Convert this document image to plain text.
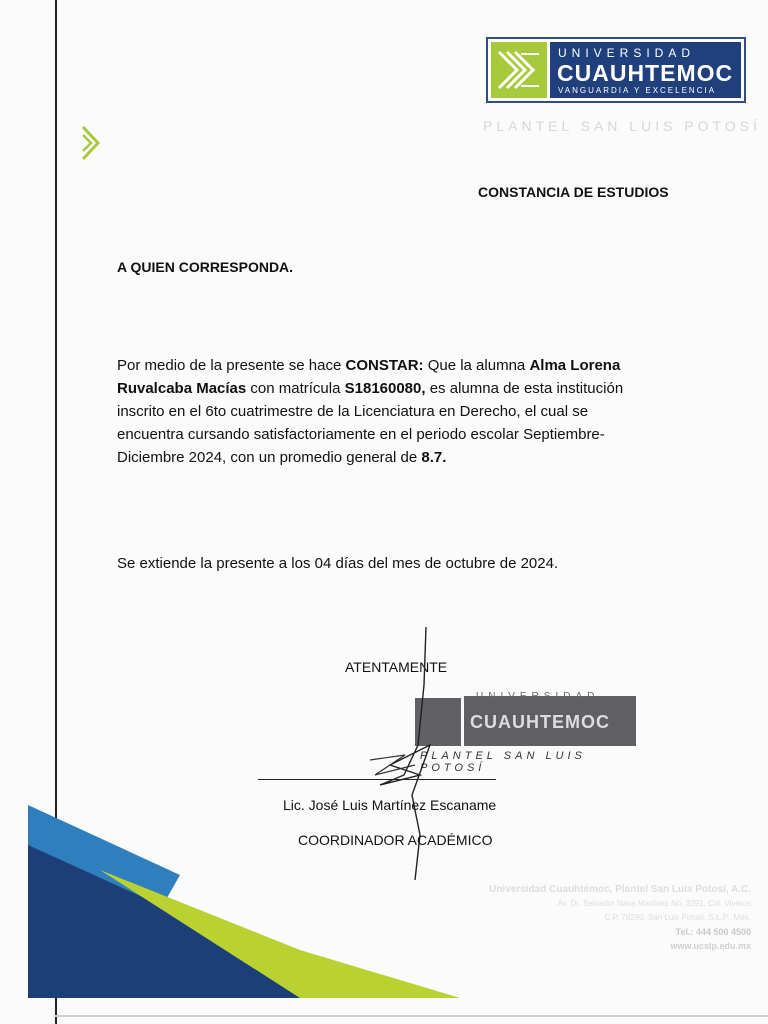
UNIVERSIDAD
CUAUHTEMOC
VANGUARDIA Y EXCELENCIA
PLANTEL SAN LUIS POTOSÍ
CONSTANCIA DE ESTUDIOS
A QUIEN CORRESPONDA.
Por medio de la presente se hace CONSTAR: Que la alumna Alma Lorena Ruvalcaba Macías con matrícula S18160080, es alumna de esta institución inscrito en el 6to cuatrimestre de la Licenciatura en Derecho, el cual se encuentra cursando satisfactoriamente en el periodo escolar Septiembre-Diciembre 2024, con un promedio general de 8.7.
Se extiende la presente a los 04 días del mes de octubre de 2024.
ATENTAMENTE
UNIVERSIDAD
CUAUHTEMOC
PLANTEL SAN LUIS POTOSÍ
Lic. José Luis Martínez Escaname
COORDINADOR ACADÉMICO
Universidad Cuauhtémoc, Plantel San Luis Potosí, A.C.
Av. Dr. Salvador Nava Martínez No. 3291, Col. Viveros
C.P. 78290, San Luis Potosí, S.L.P., Méx.
Tel.: 444 500 4500
www.ucslp.edu.mx
